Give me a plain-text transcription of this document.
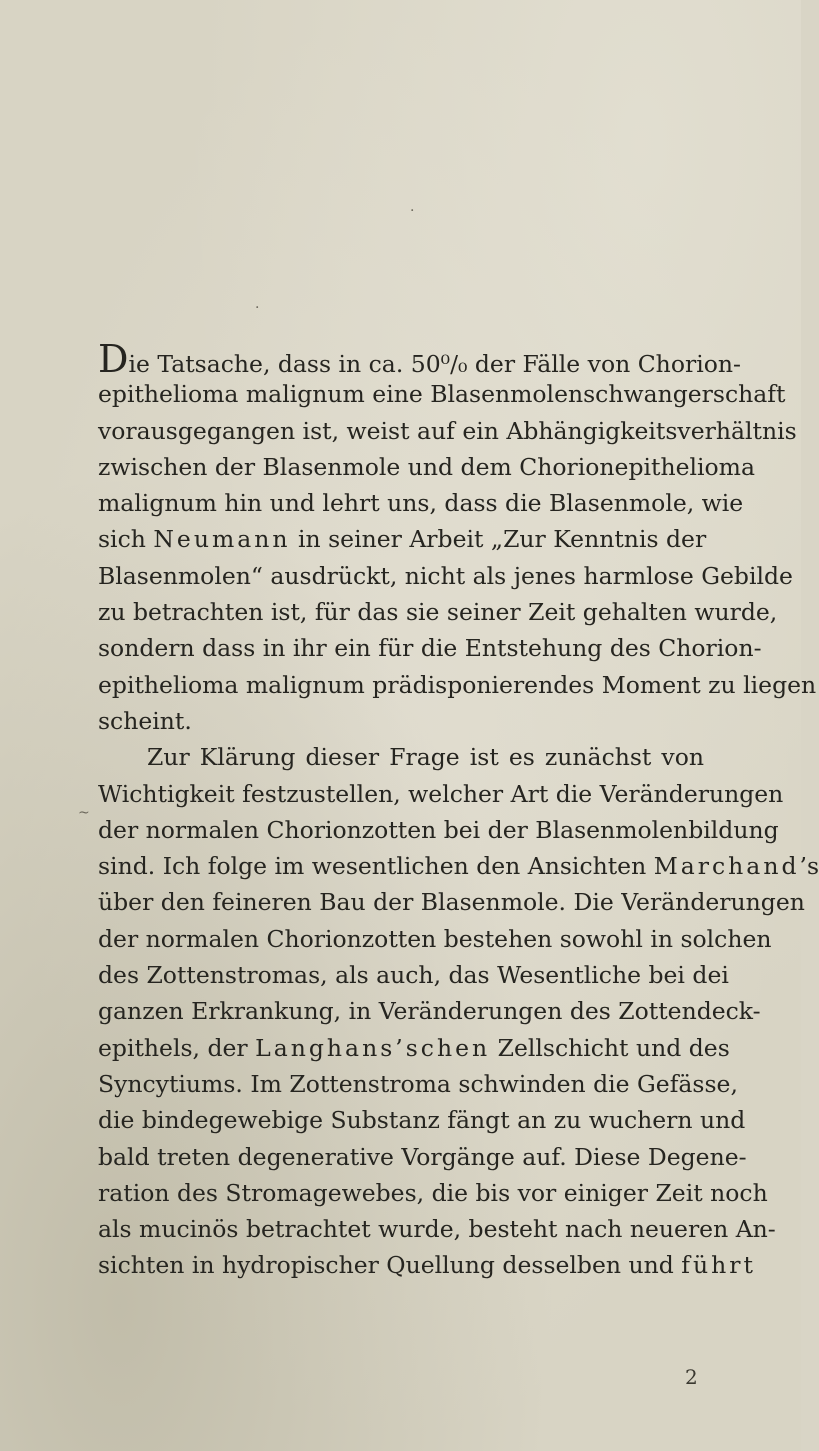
·
·
~
Die Tatsache, dass in ca. 50⁰/₀ der Fälle von Chorion-
epithelioma malignum eine Blasenmolenschwangerschaft
vorausgegangen ist, weist auf ein Abhängigkeitsverhältnis
zwischen der Blasenmole und dem Chorionepithelioma
malignum hin und lehrt uns, dass die Blasenmole, wie
sich Neumann in seiner Arbeit „Zur Kenntnis der
Blasenmolen“ ausdrückt, nicht als jenes harmlose Gebilde
zu betrachten ist, für das sie seiner Zeit gehalten wurde,
sondern dass in ihr ein für die Entstehung des Chorion-
epithelioma malignum prädisponierendes Moment zu liegen
scheint.
Zur Klärung dieser Frage ist es zunächst von
Wichtigkeit festzustellen, welcher Art die Veränderungen
der normalen Chorionzotten bei der Blasenmolenbildung
sind. Ich folge im wesentlichen den Ansichten Marchand’s
über den feineren Bau der Blasenmole. Die Veränderungen
der normalen Chorionzotten bestehen sowohl in solchen
des Zottenstromas, als auch, das Wesentliche bei dei
ganzen Erkrankung, in Veränderungen des Zottendeck-
epithels, der Langhans’schen Zellschicht und des
Syncytiums. Im Zottenstroma schwinden die Gefässe,
die bindegewebige Substanz fängt an zu wuchern und
bald treten degenerative Vorgänge auf. Diese Degene-
ration des Stromagewebes, die bis vor einiger Zeit noch
als mucinös betrachtet wurde, besteht nach neueren An-
sichten in hydropischer Quellung desselben und führt
2
